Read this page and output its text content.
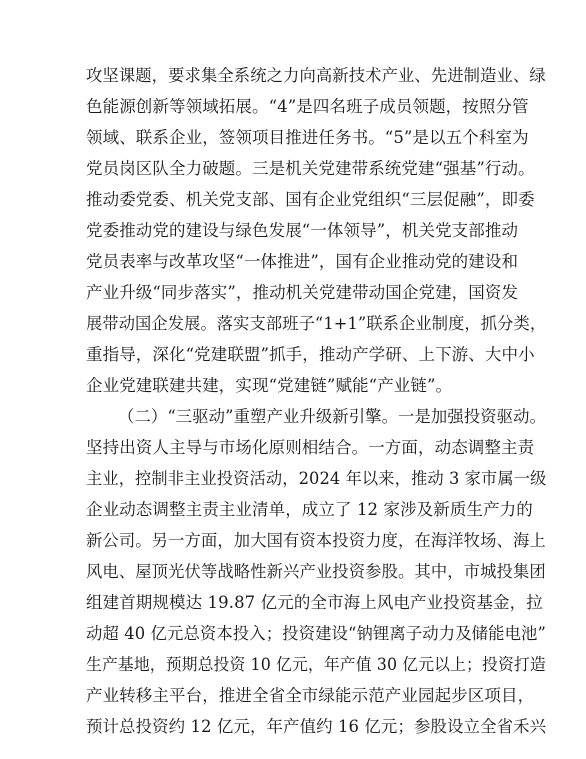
攻坚课题，要求集全系统之力向高新技术产业、先进制造业、绿
色能源创新等领域拓展。“4”是四名班子成员领题，按照分管
领域、联系企业，签领项目推进任务书。“5”是以五个科室为
党员岗区队全力破题。三是机关党建带系统党建“强基”行动。
推动委党委、机关党支部、国有企业党组织“三层促融”，即委
党委推动党的建设与绿色发展“一体领导”，机关党支部推动
党员表率与改革攻坚“一体推进”，国有企业推动党的建设和
产业升级“同步落实”，推动机关党建带动国企党建，国资发
展带动国企发展。落实支部班子“1+1”联系企业制度，抓分类，
重指导，深化“党建联盟”抓手，推动产学研、上下游、大中小
企业党建联建共建，实现“党建链”赋能“产业链”。
（二）“三驱动”重塑产业升级新引擎。一是加强投资驱动。
坚持出资人主导与市场化原则相结合。一方面，动态调整主责
主业，控制非主业投资活动，2024 年以来，推动 3 家市属一级
企业动态调整主责主业清单，成立了 12 家涉及新质生产力的
新公司。另一方面，加大国有资本投资力度，在海洋牧场、海上
风电、屋顶光伏等战略性新兴产业投资参股。其中，市城投集团
组建首期规模达 19.87 亿元的全市海上风电产业投资基金，拉
动超 40 亿元总资本投入；投资建设“钠锂离子动力及储能电池”
生产基地，预期总投资 10 亿元，年产值 30 亿元以上；投资打造
产业转移主平台，推进全省全市绿能示范产业园起步区项目，
预计总投资约 12 亿元，年产值约 16 亿元；参股设立全省禾兴
